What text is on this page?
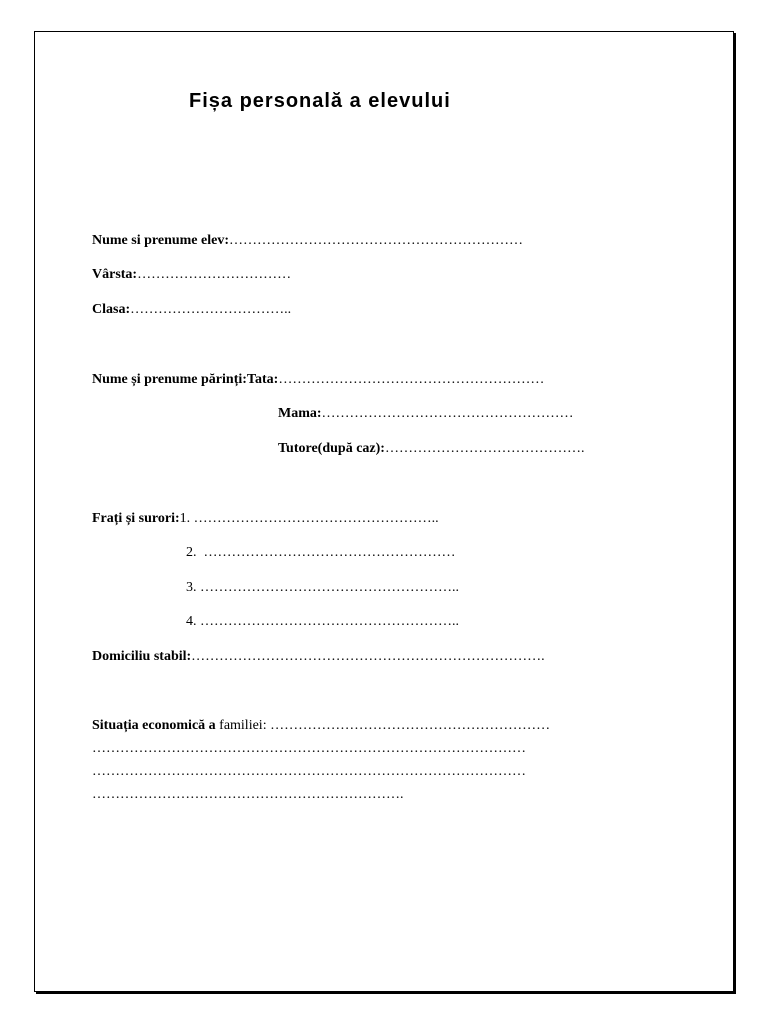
Fișa personală a elevului
Nume si prenume elev:………………………………………………………
Vârsta:……………………………
Clasa:……………………………..
Nume și prenume părinți:Tata:…………………………………………………
Mama:………………………………………………
Tutore(după caz):…………………………………….
Frați și surori:1. ……………………………………………..
2. ………………………………………………
3. ………………………………………………..
4. ………………………………………………..
Domiciliu stabil:………………………………………………………………….
Situația economică a familiei: ……………………………………………………
…………………………………………………………………………………
…………………………………………………………………………………
………………………………………………………….
